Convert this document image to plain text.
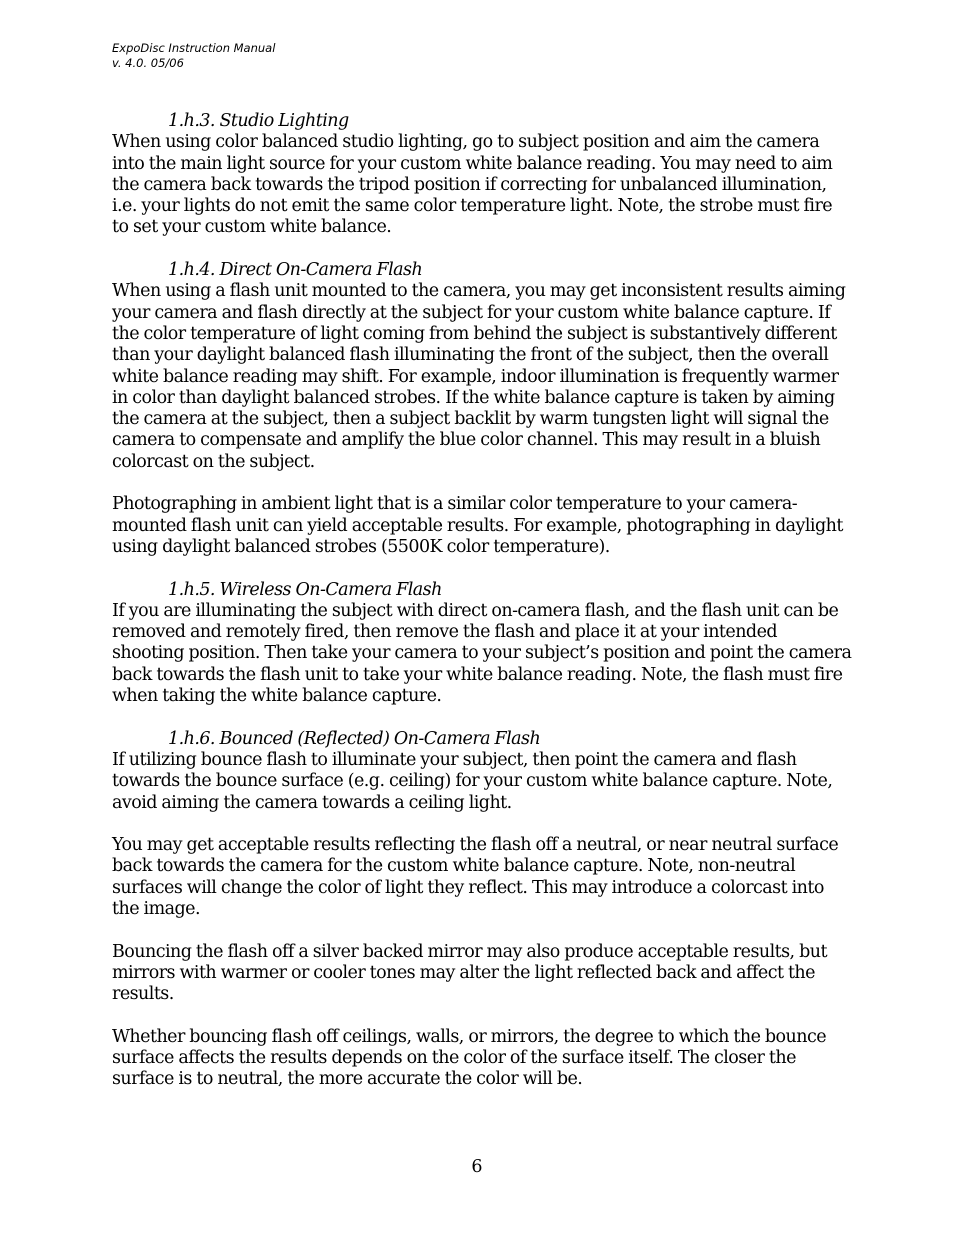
ExpoDisc Instruction Manual
v. 4.0. 05/06
1.h.3. Studio Lighting

When using color balanced studio lighting, go to subject position and aim the camera into the main light source for your custom white balance reading. You may need to aim the camera back towards the tripod position if correcting for unbalanced illumination, i.e. your lights do not emit the same color temperature light. Note, the strobe must fire to set your custom white balance.

1.h.4. Direct On-Camera Flash

When using a flash unit mounted to the camera, you may get inconsistent results aiming your camera and flash directly at the subject for your custom white balance capture. If the color temperature of light coming from behind the subject is substantively different than your daylight balanced flash illuminating the front of the subject, then the overall white balance reading may shift. For example, indoor illumination is frequently warmer in color than daylight balanced strobes. If the white balance capture is taken by aiming the camera at the subject, then a subject backlit by warm tungsten light will signal the camera to compensate and amplify the blue color channel. This may result in a bluish colorcast on the subject.

Photographing in ambient light that is a similar color temperature to your camera-mounted flash unit can yield acceptable results. For example, photographing in daylight using daylight balanced strobes (5500K color temperature).

1.h.5. Wireless On-Camera Flash

If you are illuminating the subject with direct on-camera flash, and the flash unit can be removed and remotely fired, then remove the flash and place it at your intended shooting position. Then take your camera to your subject’s position and point the camera back towards the flash unit to take your white balance reading. Note, the flash must fire when taking the white balance capture.

1.h.6. Bounced (Reflected) On-Camera Flash

If utilizing bounce flash to illuminate your subject, then point the camera and flash towards the bounce surface (e.g. ceiling) for your custom white balance capture. Note, avoid aiming the camera towards a ceiling light.

You may get acceptable results reflecting the flash off a neutral, or near neutral surface back towards the camera for the custom white balance capture. Note, non-neutral surfaces will change the color of light they reflect. This may introduce a colorcast into the image.

Bouncing the flash off a silver backed mirror may also produce acceptable results, but mirrors with warmer or cooler tones may alter the light reflected back and affect the results.

Whether bouncing flash off ceilings, walls, or mirrors, the degree to which the bounce surface affects the results depends on the color of the surface itself. The closer the surface is to neutral, the more accurate the color will be.

6
